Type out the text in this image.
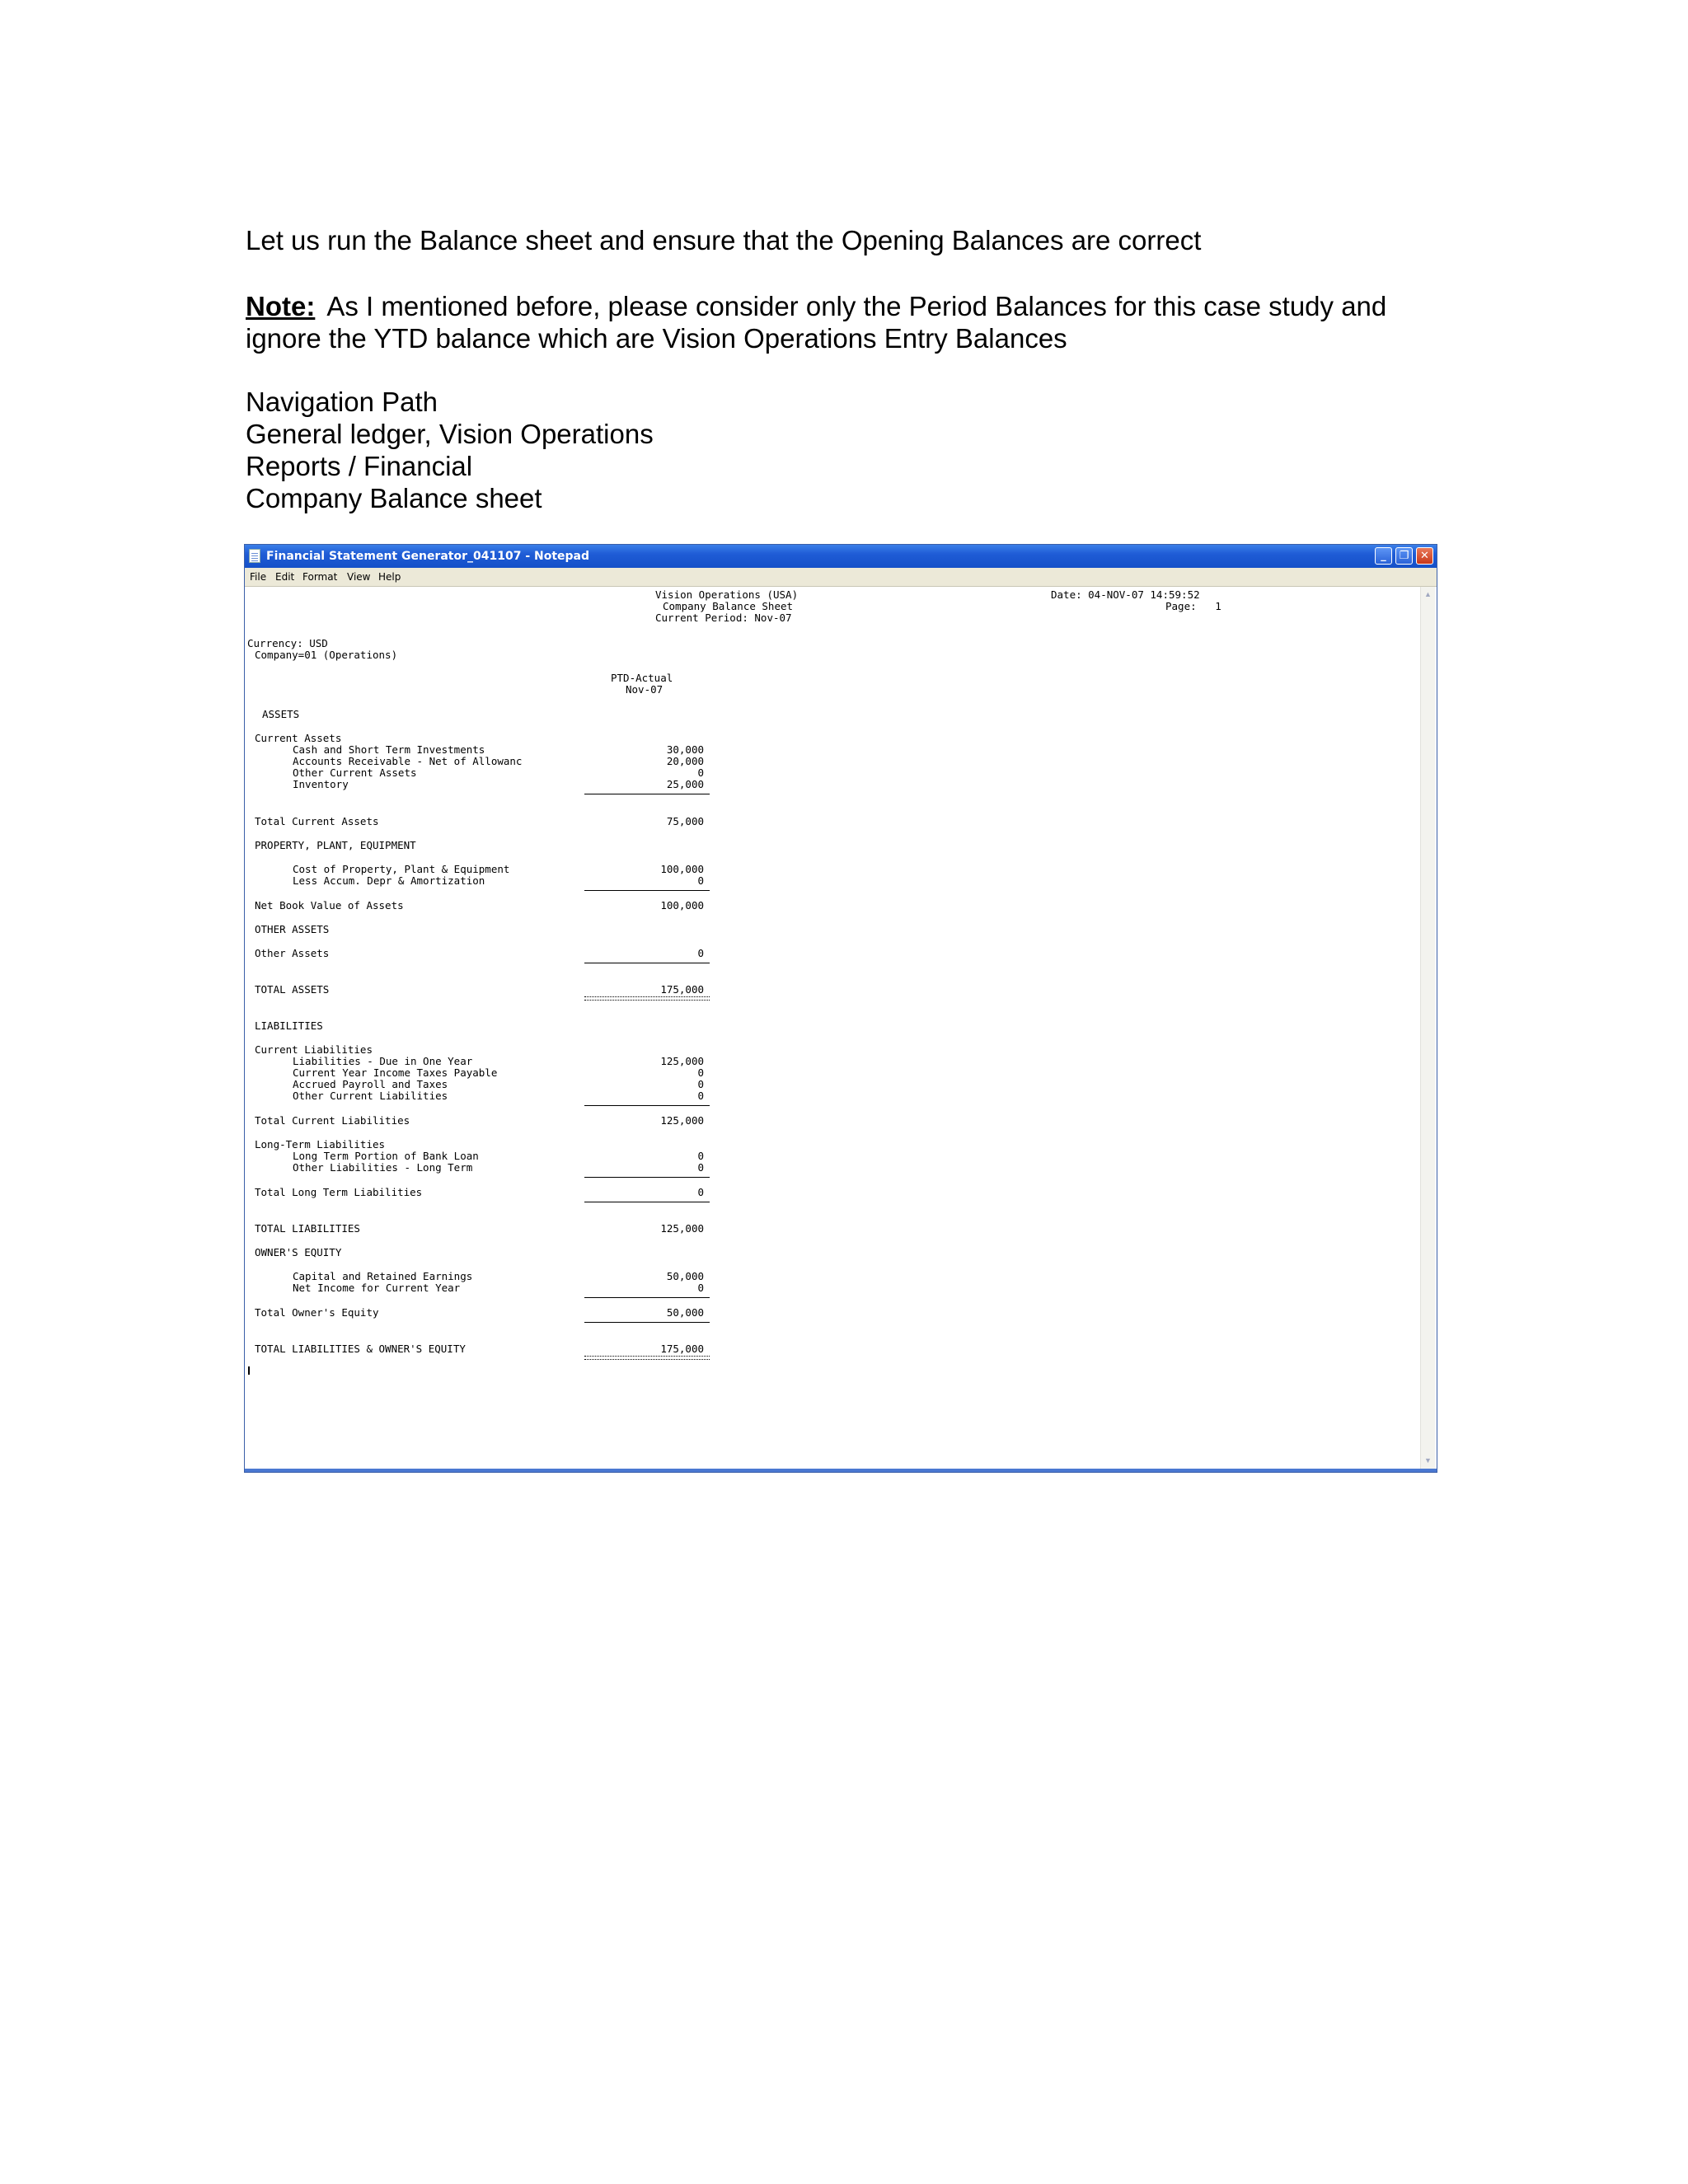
Let us run the Balance sheet and ensure that the Opening Balances are correct
Note: As I mentioned before, please consider only the Period Balances for this case study and ignore the YTD balance which are Vision Operations Entry Balances
Navigation Path
General ledger, Vision Operations
Reports / Financial
Company Balance sheet
Financial Statement Generator_041107 - Notepad	_	❐	✕
File Edit Format View Help
Vision Operations (USA)
Company Balance Sheet
Current Period: Nov-07
Date: 04-NOV-07 14:59:52
Page:   1
Currency: USD
Company=01 (Operations)
PTD-Actual
Nov-07
ASSETS
Current Assets
Cash and Short Term Investments	30,000
Accounts Receivable - Net of Allowanc	20,000
Other Current Assets	0
Inventory	25,000
Total Current Assets	75,000
PROPERTY, PLANT, EQUIPMENT
Cost of Property, Plant & Equipment	100,000
Less Accum. Depr & Amortization	0
Net Book Value of Assets	100,000
OTHER ASSETS
Other Assets	0
TOTAL ASSETS	175,000
LIABILITIES
Current Liabilities
Liabilities - Due in One Year	125,000
Current Year Income Taxes Payable	0
Accrued Payroll and Taxes	0
Other Current Liabilities	0
Total Current Liabilities	125,000
Long-Term Liabilities
Long Term Portion of Bank Loan	0
Other Liabilities - Long Term	0
Total Long Term Liabilities	0
TOTAL LIABILITIES	125,000
OWNER'S EQUITY
Capital and Retained Earnings	50,000
Net Income for Current Year	0
Total Owner's Equity	50,000
TOTAL LIABILITIES & OWNER'S EQUITY	175,000
▲
▼
